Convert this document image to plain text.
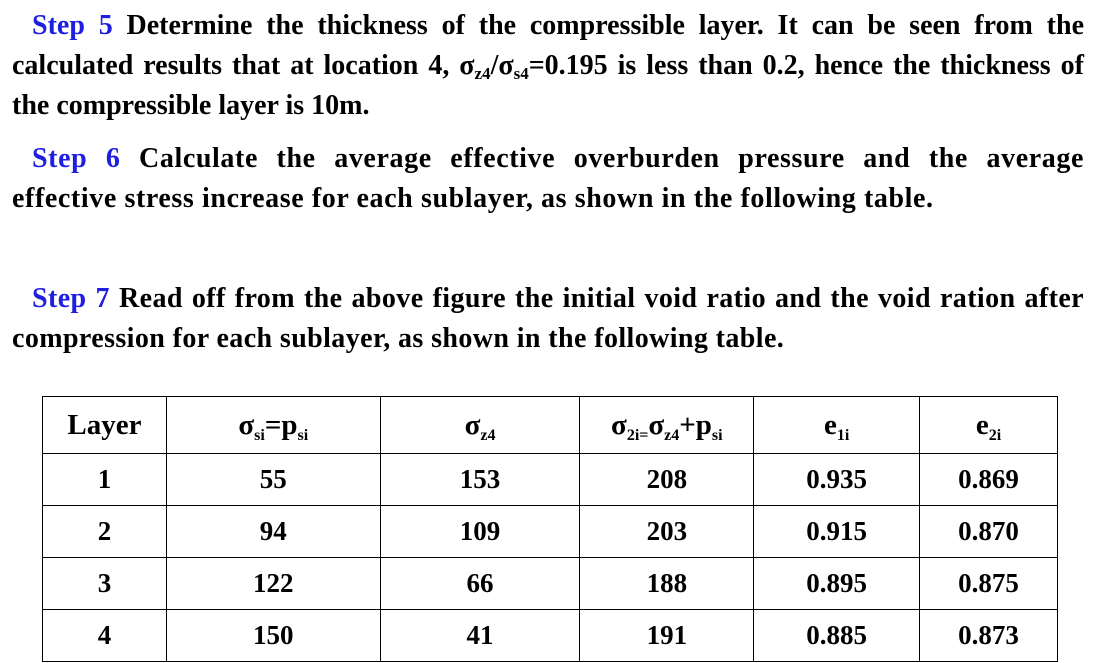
Step 5 Determine the thickness of the compressible layer. It can be seen from the calculated results that at location 4, $\sigma_{z4}/\sigma_{s4}=0.195$ is less than 0.2, hence the thickness of the compressible layer is 10m.
Step 6 Calculate the average effective overburden pressure and the average effective stress increase for each sublayer, as shown in the following table.
Step 7 Read off from the above figure the initial void ratio and the void ration after compression for each sublayer, as shown in the following table.
Layer	$\sigma_{si}=p_{si}$	$\sigma_{z4}$	$\sigma_{2i=}\sigma_{z4}+p_{si}$	$e_{1i}$	$e_{2i}$
1	55	153	208	0.935	0.869
2	94	109	203	0.915	0.870
3	122	66	188	0.895	0.875
4	150	41	191	0.885	0.873
